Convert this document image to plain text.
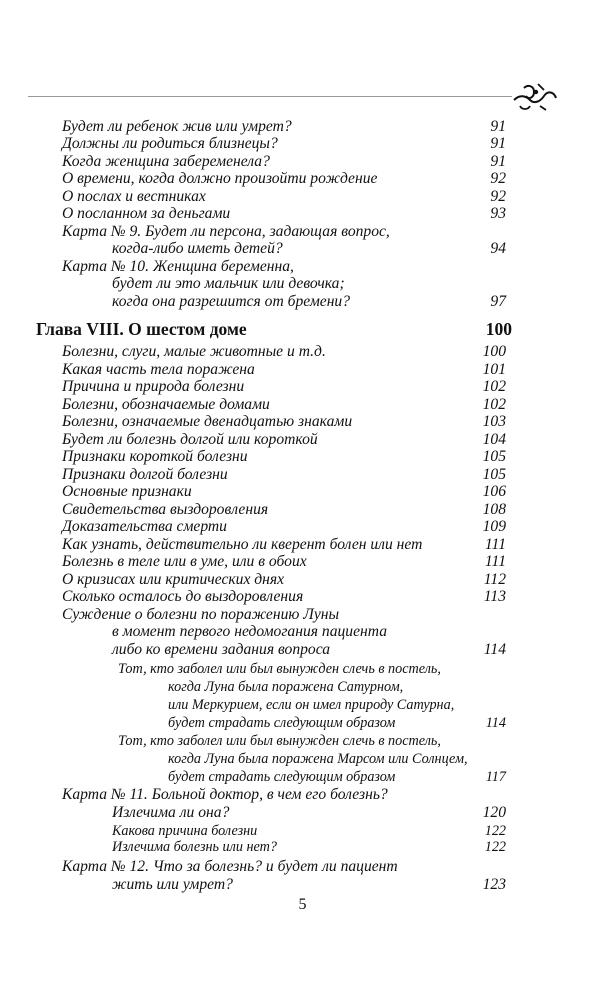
Будет ли ребенок жив или умрет?	91
Должны ли родиться близнецы?	91
Когда женщина забеременела?	91
О времени, когда должно произойти рождение	92
О послах и вестниках	92
О посланном за деньгами	93
Карта № 9. Будет ли персона, задающая вопрос,
когда-либо иметь детей?	94
Карта № 10. Женщина беременна,
будет ли это мальчик или девочка;
когда она разрешится от бремени?	97
Глава VIII. О шестом доме	100
Болезни, слуги, малые животные и т.д.	100
Какая часть тела поражена	101
Причина и природа болезни	102
Болезни, обозначаемые домами	102
Болезни, означаемые двенадцатью знаками	103
Будет ли болезнь долгой или короткой	104
Признаки короткой болезни	105
Признаки долгой болезни	105
Основные признаки	106
Свидетельства выздоровления	108
Доказательства смерти	109
Как узнать, действительно ли кверент болен или нет	111
Болезнь в теле или в уме, или в обоих	111
О кризисах или критических днях	112
Сколько осталось до выздоровления	113
Суждение о болезни по поражению Луны
в момент первого недомогания пациента
либо ко времени задания вопроса	114
Тот, кто заболел или был вынужден слечь в постель,
когда Луна была поражена Сатурном,
или Меркурием, если он имел природу Сатурна,
будет страдать следующим образом	114
Тот, кто заболел или был вынужден слечь в постель,
когда Луна была поражена Марсом или Солнцем,
будет страдать следующим образом	117
Карта № 11. Больной доктор, в чем его болезнь?
Излечима ли она?	120
Какова причина болезни	122
Излечима болезнь или нет?	122
Карта № 12. Что за болезнь? и будет ли пациент
жить или умрет?	123
5
